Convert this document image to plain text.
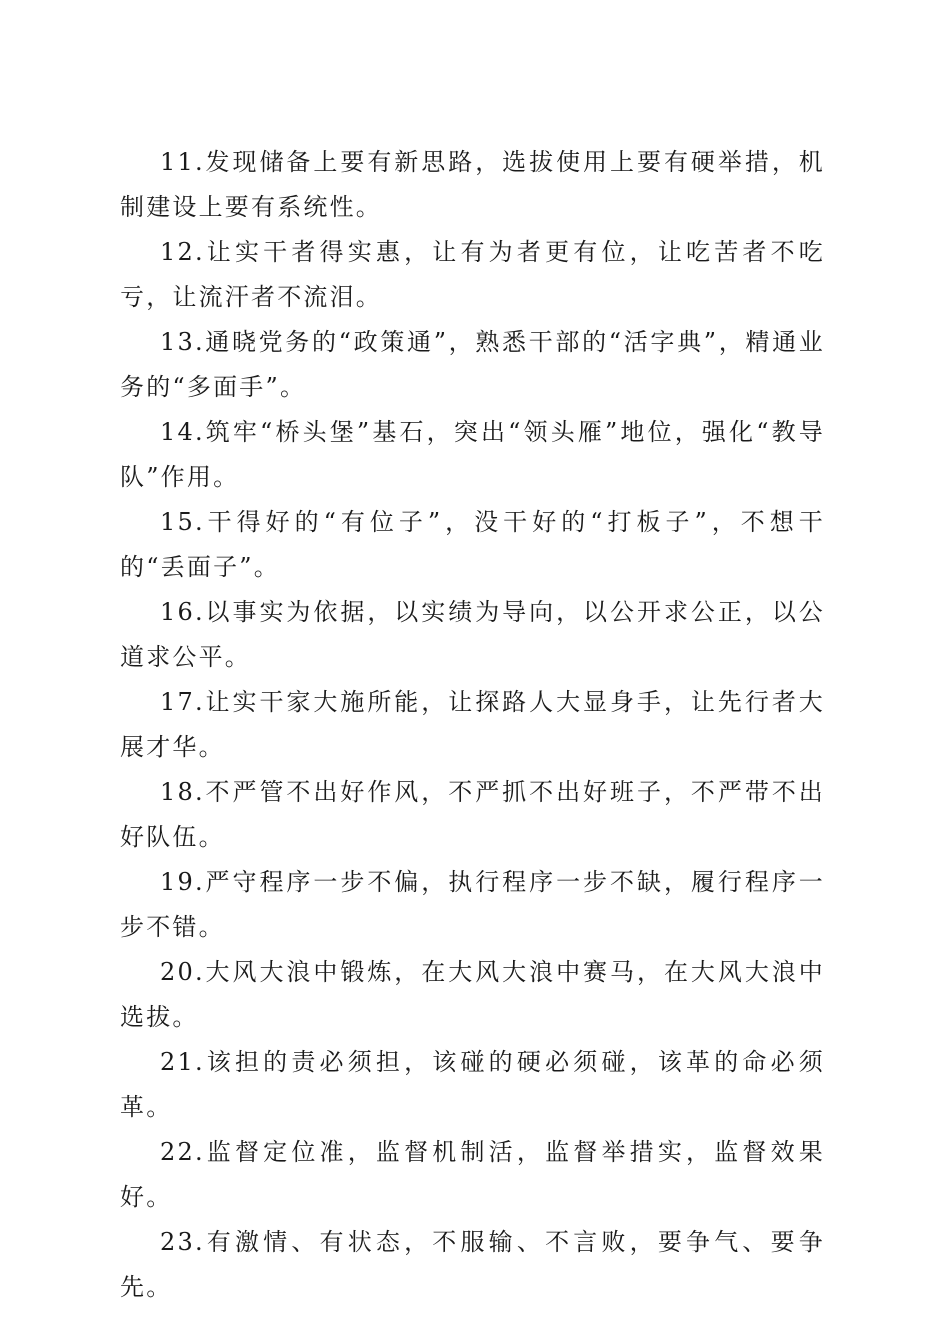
11.发现储备上要有新思路，选拔使用上要有硬举措，机制建设上要有系统性。

12.让实干者得实惠，让有为者更有位，让吃苦者不吃亏，让流汗者不流泪。

13.通晓党务的“政策通”，熟悉干部的“活字典”，精通业务的“多面手”。

14.筑牢“桥头堡”基石，突出“领头雁”地位，强化“教导队”作用。

15.干得好的“有位子”，没干好的“打板子”，不想干的“丢面子”。

16.以事实为依据，以实绩为导向，以公开求公正，以公道求公平。

17.让实干家大施所能，让探路人大显身手，让先行者大展才华。

18.不严管不出好作风，不严抓不出好班子，不严带不出好队伍。

19.严守程序一步不偏，执行程序一步不缺，履行程序一步不错。

20.大风大浪中锻炼，在大风大浪中赛马，在大风大浪中选拔。

21.该担的责必须担，该碰的硬必须碰，该革的命必须革。

22.监督定位准，监督机制活，监督举措实，监督效果好。

23.有激情、有状态，不服输、不言败，要争气、要争先。
